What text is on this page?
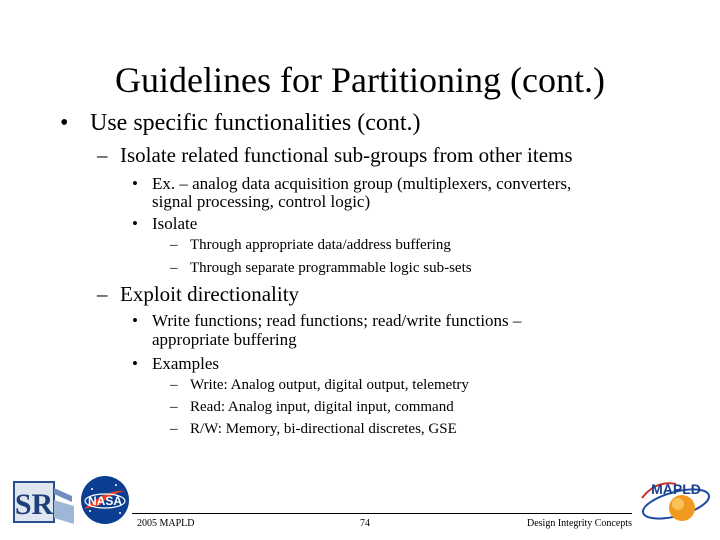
Guidelines for Partitioning (cont.)
• Use specific functionalities (cont.)
– Isolate related functional sub-groups from other items
• Ex. – analog data acquisition group (multiplexers, converters,
signal processing, control logic)
• Isolate
– Through appropriate data/address buffering
– Through separate programmable logic sub-sets
– Exploit directionality
• Write functions; read functions; read/write functions –
appropriate buffering
• Examples
– Write: Analog output, digital output, telemetry
– Read: Analog input, digital input, command
– R/W: Memory, bi-directional discretes, GSE
2005 MAPLD	74	Design Integrity Concepts
SR	NASA
MAPLD
